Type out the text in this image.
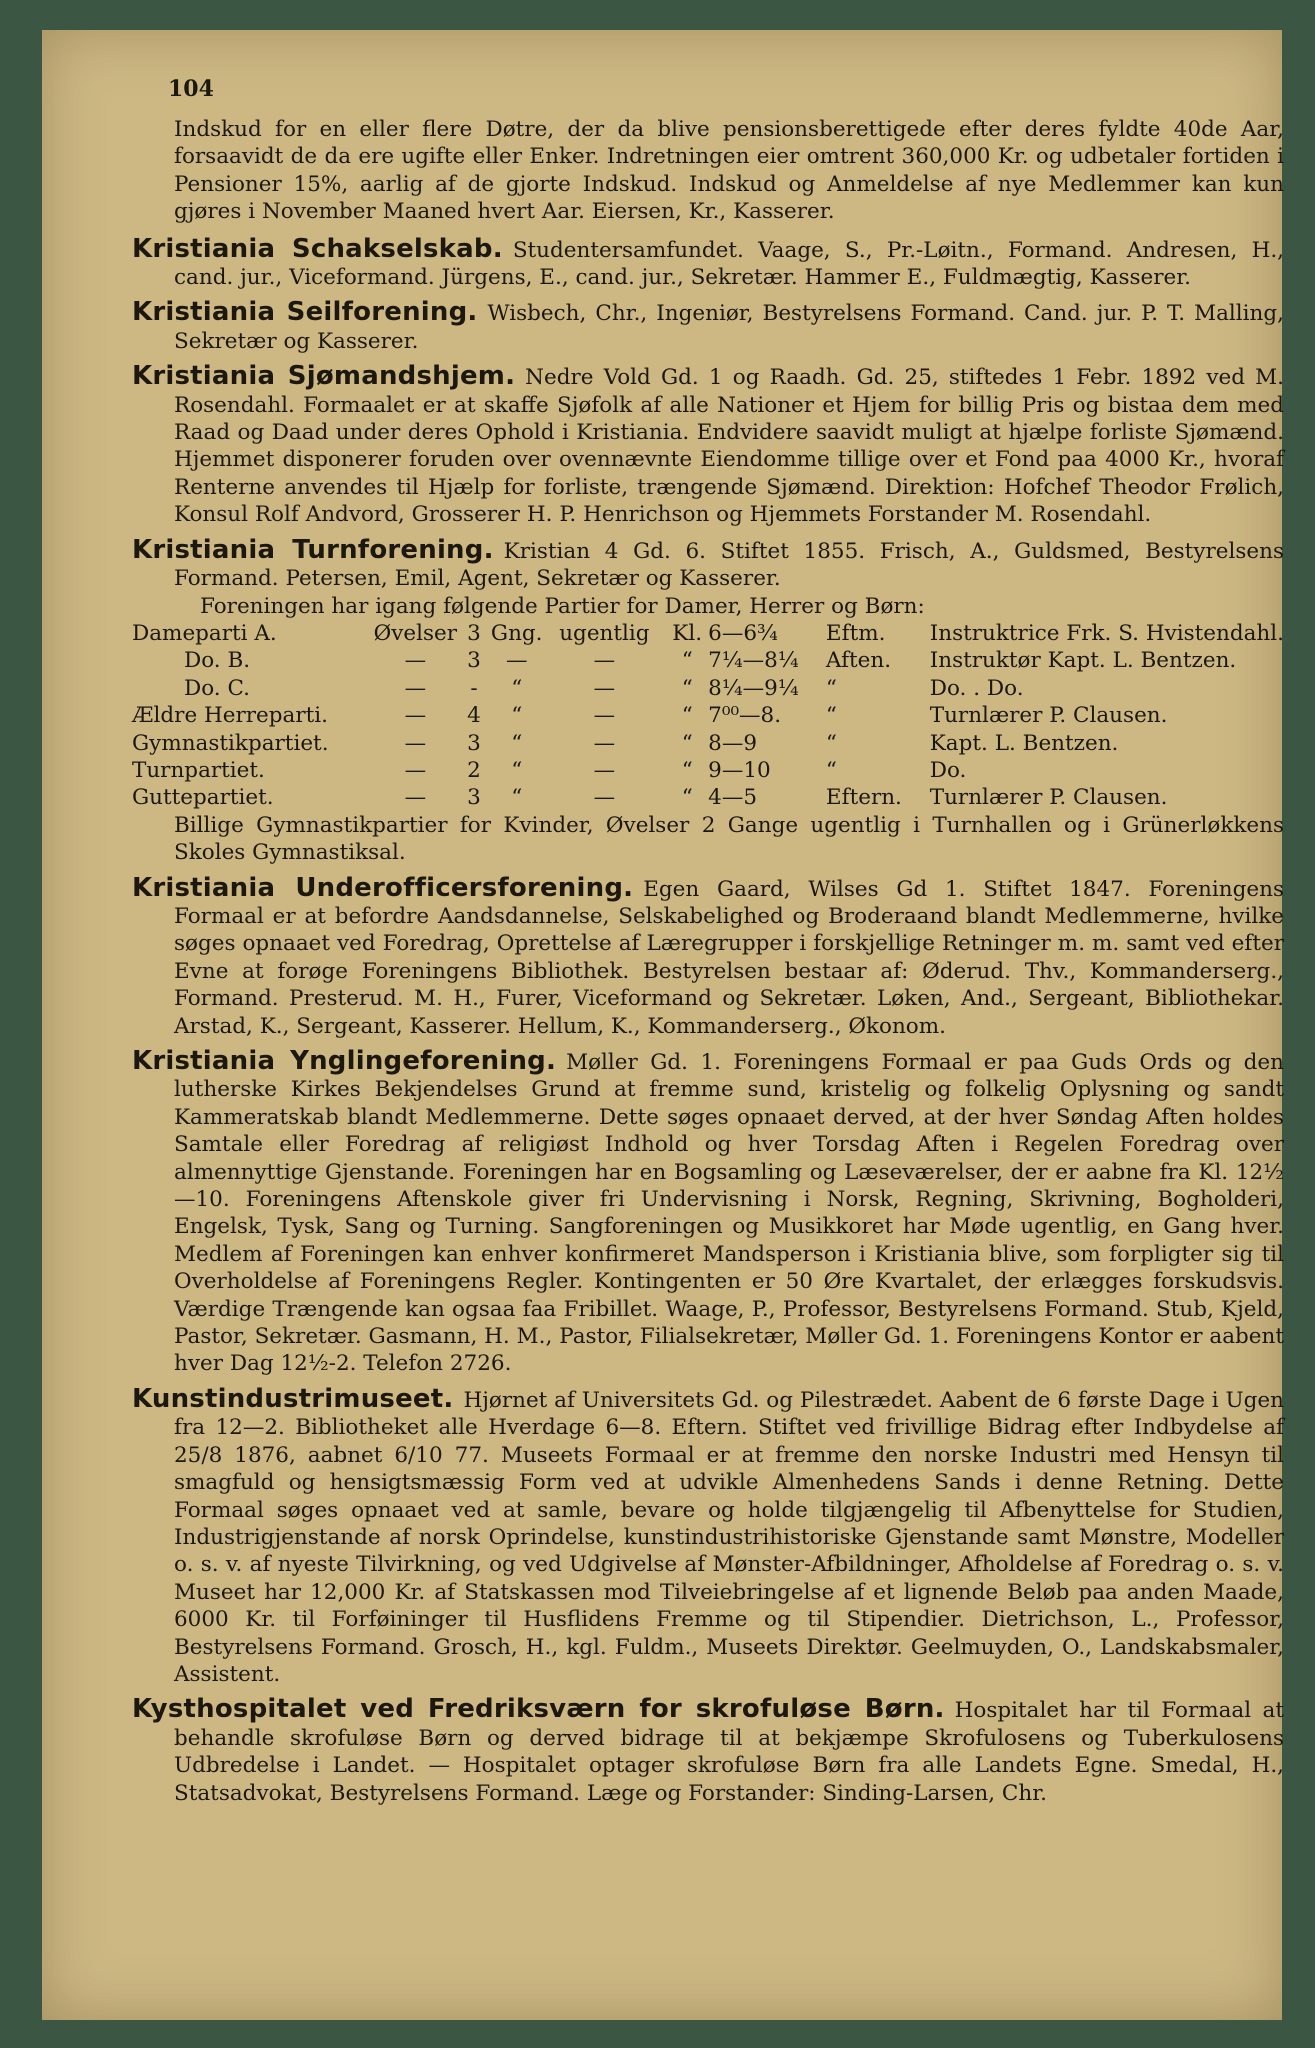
104

Indskud for en eller flere Døtre, der da blive pensionsberettigede efter deres fyldte 40de Aar, forsaavidt de da ere ugifte eller Enker. Indretningen eier omtrent 360,000 Kr. og udbetaler fortiden i Pensioner 15%, aarlig af de gjorte Indskud. Indskud og Anmeldelse af nye Medlemmer kan kun gjøres i November Maaned hvert Aar. Eiersen, Kr., Kasserer.

Kristiania Schakselskab. Studentersamfundet. Vaage, S., Pr.-Løitn., Formand. Andresen, H., cand. jur., Viceformand. Jürgens, E., cand. jur., Sekretær. Hammer E., Fuldmægtig, Kasserer.

Kristiania Seilforening. Wisbech, Chr., Ingeniør, Bestyrelsens Formand. Cand. jur. P. T. Malling, Sekretær og Kasserer.

Kristiania Sjømandshjem. Nedre Vold Gd. 1 og Raadh. Gd. 25, stiftedes 1 Febr. 1892 ved M. Rosendahl. Formaalet er at skaffe Sjøfolk af alle Nationer et Hjem for billig Pris og bistaa dem med Raad og Daad under deres Ophold i Kristiania. Endvidere saavidt muligt at hjælpe forliste Sjømænd. Hjemmet disponerer foruden over ovennævnte Eiendomme tillige over et Fond paa 4000 Kr., hvoraf Renterne anvendes til Hjælp for forliste, trængende Sjømænd. Direktion: Hofchef Theodor Frølich, Konsul Rolf Andvord, Grosserer H. P. Henrichson og Hjemmets Forstander M. Rosendahl.

Kristiania Turnforening. Kristian 4 Gd. 6. Stiftet 1855. Frisch, A., Guldsmed, Bestyrelsens Formand. Petersen, Emil, Agent, Sekretær og Kasserer.

Foreningen har igang følgende Partier for Damer, Herrer og Børn:

Dameparti A.	Øvelser	3	Gng.	ugentlig	Kl.	6—6¾	Eftm.	Instruktrice Frk. S. Hvistendahl.
Do. B.	—	3	—	—	“	7¼—8¼	Aften.	Instruktør Kapt. L. Bentzen.
Do. C.	—	-	“	—	“	8¼—9¼	“	Do. . Do.
Ældre Herreparti.	—	4	“	—	“	7⁰⁰—8.	“	Turnlærer P. Clausen.
Gymnastikpartiet.	—	3	“	—	“	8—9	“	Kapt. L. Bentzen.
Turnpartiet.	—	2	“	—	“	9—10	“	Do.
Guttepartiet.	—	3	“	—	“	4—5	Eftern.	Turnlærer P. Clausen.

Billige Gymnastikpartier for Kvinder, Øvelser 2 Gange ugentlig i Turnhallen og i Grünerløkkens Skoles Gymnastiksal.

Kristiania Underofficersforening. Egen Gaard, Wilses Gd 1. Stiftet 1847. Foreningens Formaal er at befordre Aandsdannelse, Selskabelighed og Broderaand blandt Medlemmerne, hvilke søges opnaaet ved Foredrag, Oprettelse af Læregrupper i forskjellige Retninger m. m. samt ved efter Evne at forøge Foreningens Bibliothek. Bestyrelsen bestaar af: Øderud. Thv., Kommanderserg., Formand. Presterud. M. H., Furer, Viceformand og Sekretær. Løken, And., Sergeant, Bibliothekar. Arstad, K., Sergeant, Kasserer. Hellum, K., Kommanderserg., Økonom.

Kristiania Ynglingeforening. Møller Gd. 1. Foreningens Formaal er paa Guds Ords og den lutherske Kirkes Bekjendelses Grund at fremme sund, kristelig og folkelig Oplysning og sandt Kammeratskab blandt Medlemmerne. Dette søges opnaaet derved, at der hver Søndag Aften holdes Samtale eller Foredrag af religiøst Indhold og hver Torsdag Aften i Regelen Foredrag over almennyttige Gjenstande. Foreningen har en Bogsamling og Læseværelser, der er aabne fra Kl. 12½—10. Foreningens Aftenskole giver fri Undervisning i Norsk, Regning, Skrivning, Bogholderi, Engelsk, Tysk, Sang og Turning. Sangforeningen og Musikkoret har Møde ugentlig, en Gang hver. Medlem af Foreningen kan enhver konfirmeret Mandsperson i Kristiania blive, som forpligter sig til Overholdelse af Foreningens Regler. Kontingenten er 50 Øre Kvartalet, der erlægges forskudsvis. Værdige Trængende kan ogsaa faa Fribillet. Waage, P., Professor, Bestyrelsens Formand. Stub, Kjeld, Pastor, Sekretær. Gasmann, H. M., Pastor, Filialsekretær, Møller Gd. 1. Foreningens Kontor er aabent hver Dag 12½-2. Telefon 2726.

Kunstindustrimuseet. Hjørnet af Universitets Gd. og Pilestrædet. Aabent de 6 første Dage i Ugen fra 12—2. Bibliotheket alle Hverdage 6—8. Eftern. Stiftet ved frivillige Bidrag efter Indbydelse af 25/8 1876, aabnet 6/10 77. Museets Formaal er at fremme den norske Industri med Hensyn til smagfuld og hensigtsmæssig Form ved at udvikle Almenhedens Sands i denne Retning. Dette Formaal søges opnaaet ved at samle, bevare og holde tilgjængelig til Afbenyttelse for Studien, Industrigjenstande af norsk Oprindelse, kunstindustrihistoriske Gjenstande samt Mønstre, Modeller o. s. v. af nyeste Tilvirkning, og ved Udgivelse af Mønster-Afbildninger, Afholdelse af Foredrag o. s. v. Museet har 12,000 Kr. af Statskassen mod Tilveiebringelse af et lignende Beløb paa anden Maade, 6000 Kr. til Forføininger til Husflidens Fremme og til Stipendier. Dietrichson, L., Professor, Bestyrelsens Formand. Grosch, H., kgl. Fuldm., Museets Direktør. Geelmuyden, O., Landskabsmaler, Assistent.

Kysthospitalet ved Fredriksværn for skrofuløse Børn. Hospitalet har til Formaal at behandle skrofuløse Børn og derved bidrage til at bekjæmpe Skrofulosens og Tuberkulosens Udbredelse i Landet. — Hospitalet optager skrofuløse Børn fra alle Landets Egne. Smedal, H., Statsadvokat, Bestyrelsens Formand. Læge og Forstander: Sinding-Larsen, Chr.
